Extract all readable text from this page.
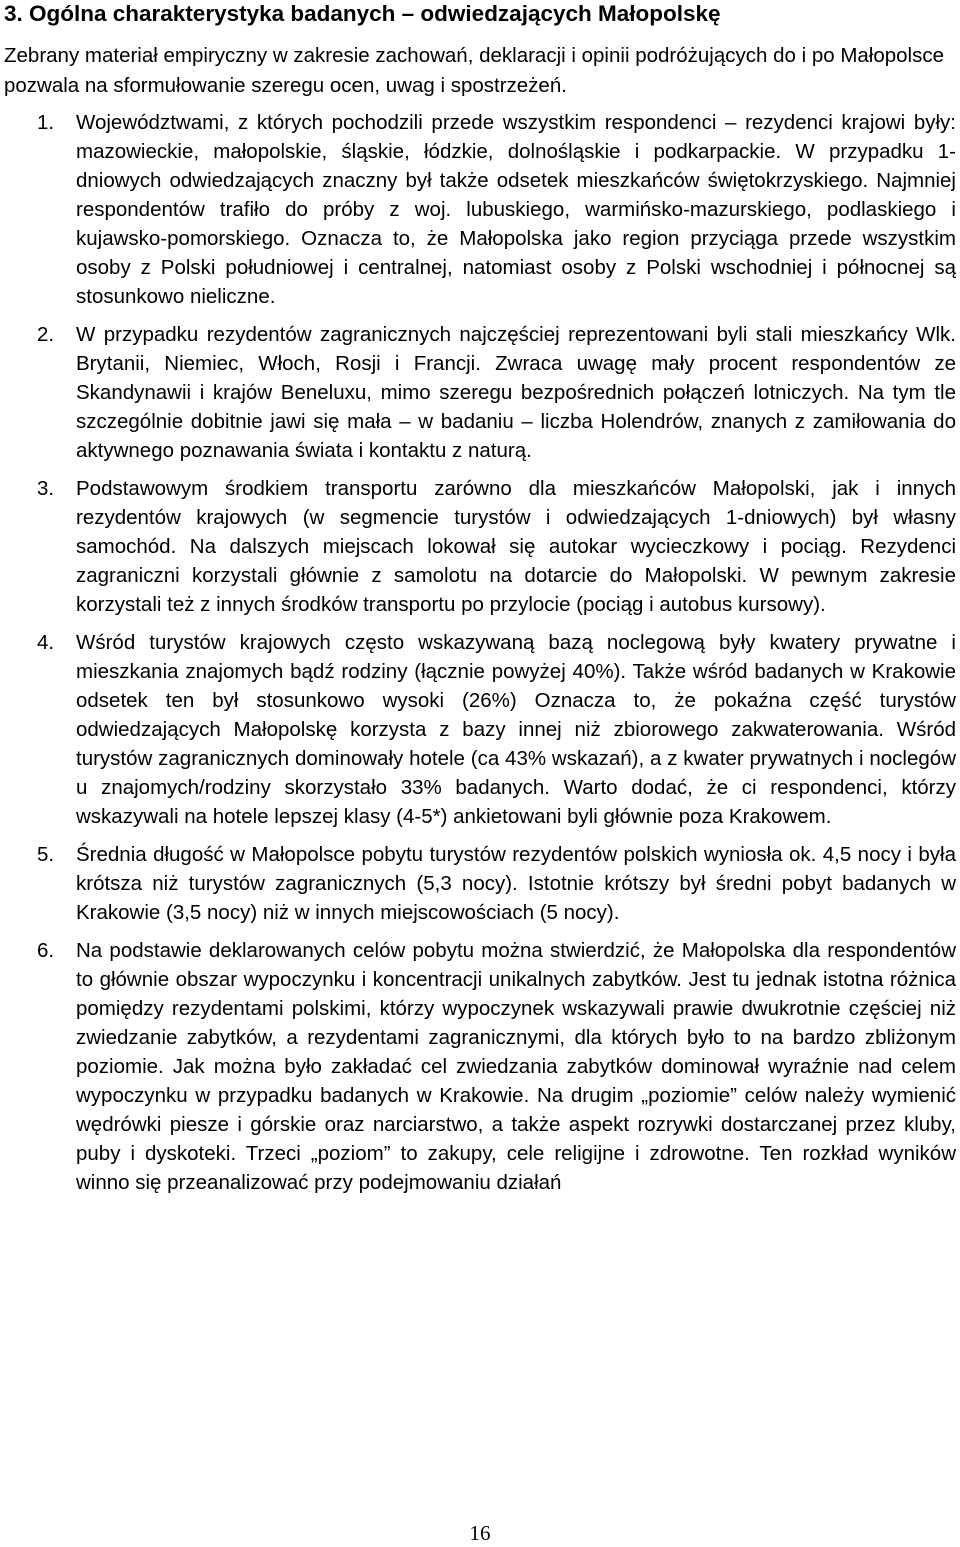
3. Ogólna charakterystyka badanych – odwiedzających Małopolskę

Zebrany materiał empiryczny w zakresie zachowań, deklaracji i opinii podróżujących do i po Małopolsce pozwala na sformułowanie szeregu ocen, uwag i spostrzeżeń.

1.	Województwami, z których pochodzili przede wszystkim respondenci – rezydenci krajowi były: mazowieckie, małopolskie, śląskie, łódzkie, dolnośląskie i podkarpackie. W przypadku 1-dniowych odwiedzających znaczny był także odsetek mieszkańców świętokrzyskiego. Najmniej respondentów trafiło do próby z woj. lubuskiego, warmińsko-mazurskiego, podlaskiego i kujawsko-pomorskiego. Oznacza to, że Małopolska jako region przyciąga przede wszystkim osoby z Polski południowej i centralnej, natomiast osoby z Polski wschodniej i północnej są stosunkowo nieliczne.
2.	W przypadku rezydentów zagranicznych najczęściej reprezentowani byli stali mieszkańcy Wlk. Brytanii, Niemiec, Włoch, Rosji i Francji. Zwraca uwagę mały procent respondentów ze Skandynawii i krajów Beneluxu, mimo szeregu bezpośrednich połączeń lotniczych. Na tym tle szczególnie dobitnie jawi się mała – w badaniu – liczba Holendrów, znanych z zamiłowania do aktywnego poznawania świata i kontaktu z naturą.
3.	Podstawowym środkiem transportu zarówno dla mieszkańców Małopolski, jak i innych rezydentów krajowych (w segmencie turystów i odwiedzających 1-dniowych) był własny samochód. Na dalszych miejscach lokował się autokar wycieczkowy i pociąg. Rezydenci zagraniczni korzystali głównie z samolotu na dotarcie do Małopolski. W pewnym zakresie korzystali też z innych środków transportu po przylocie (pociąg i autobus kursowy).
4.	Wśród turystów krajowych często wskazywaną bazą noclegową były kwatery prywatne i mieszkania znajomych bądź rodziny (łącznie powyżej 40%). Także wśród badanych w Krakowie odsetek ten był stosunkowo wysoki (26%) Oznacza to, że pokaźna część turystów odwiedzających Małopolskę korzysta z bazy innej niż zbiorowego zakwaterowania. Wśród turystów zagranicznych dominowały hotele (ca 43% wskazań), a z kwater prywatnych i noclegów u znajomych/rodziny skorzystało 33% badanych. Warto dodać, że ci respondenci, którzy wskazywali na hotele lepszej klasy (4-5*) ankietowani byli głównie poza Krakowem.
5.	Średnia długość w Małopolsce pobytu turystów rezydentów polskich wyniosła ok. 4,5 nocy i była krótsza niż turystów zagranicznych (5,3 nocy). Istotnie krótszy był średni pobyt badanych w Krakowie (3,5 nocy) niż w innych miejscowościach (5 nocy).
6.	Na podstawie deklarowanych celów pobytu można stwierdzić, że Małopolska dla respondentów to głównie obszar wypoczynku i koncentracji unikalnych zabytków. Jest tu jednak istotna różnica pomiędzy rezydentami polskimi, którzy wypoczynek wskazywali prawie dwukrotnie częściej niż zwiedzanie zabytków, a rezydentami zagranicznymi, dla których było to na bardzo zbliżonym poziomie. Jak można było zakładać cel zwiedzania zabytków dominował wyraźnie nad celem wypoczynku w przypadku badanych w Krakowie. Na drugim „poziomie” celów należy wymienić wędrówki piesze i górskie oraz narciarstwo, a także aspekt rozrywki dostarczanej przez kluby, puby i dyskoteki. Trzeci „poziom” to zakupy, cele religijne i zdrowotne. Ten rozkład wyników winno się przeanalizować przy podejmowaniu działań
16
